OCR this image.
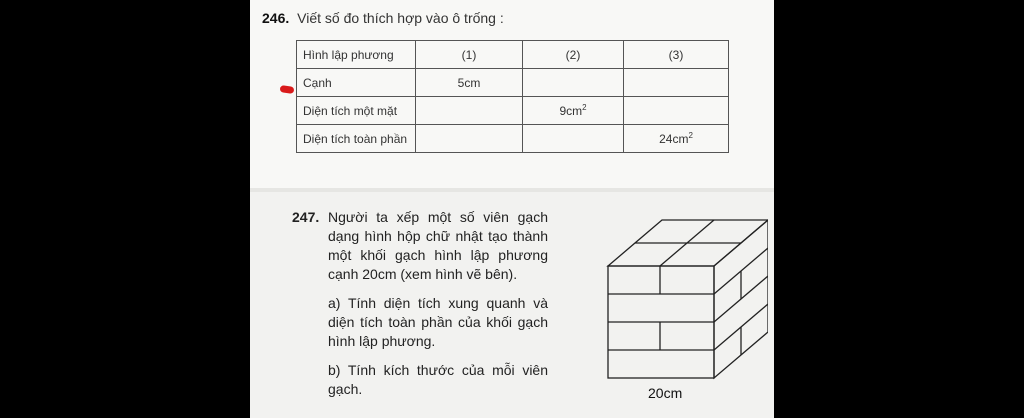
246. Viết số đo thích hợp vào ô trống :
Hình lập phương	(1)	(2)	(3)
Cạnh	5cm		
Diện tích một mặt		$9cm^2$	
Diện tích toàn phần			$24cm^2$
247. Người ta xếp một số viên gạch dạng hình hộp chữ nhật tạo thành một khối gạch hình lập phương cạnh 20cm (xem hình vẽ bên).

a) Tính diện tích xung quanh và diện tích toàn phần của khối gạch hình lập phương.

b) Tính kích thước của mỗi viên gạch.	20cm
